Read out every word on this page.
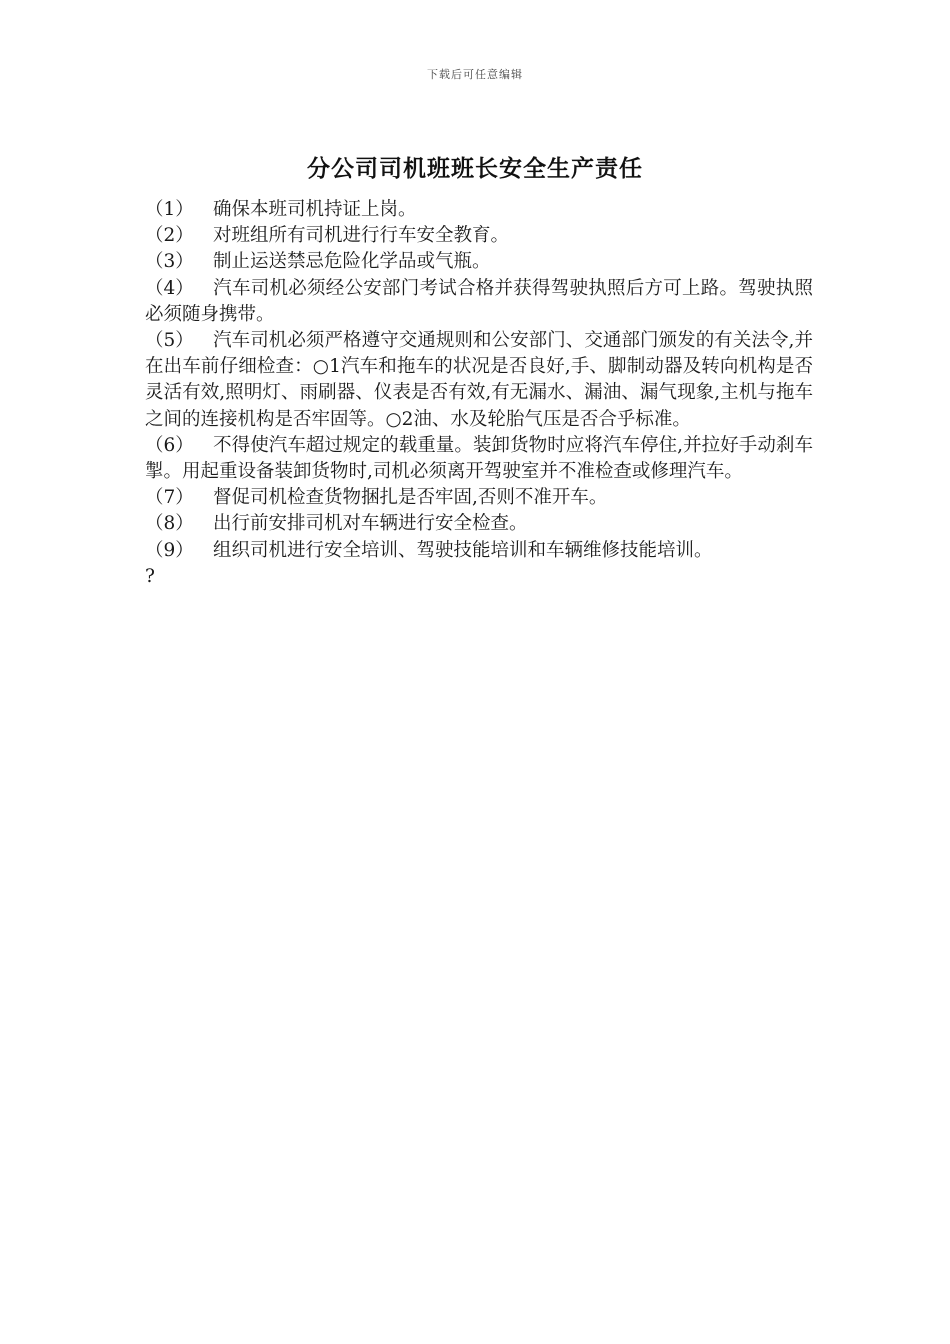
下载后可任意编辑
分公司司机班班长安全生产责任

（1） 确保本班司机持证上岗。

（2） 对班组所有司机进行行车安全教育。

（3） 制止运送禁忌危险化学品或气瓶。

（4） 汽车司机必须经公安部门考试合格并获得驾驶执照后方可上路。驾驶执照必须随身携带。

（5） 汽车司机必须严格遵守交通规则和公安部门、交通部门颁发的有关法令,并在出车前仔细检查：○1汽车和拖车的状况是否良好,手、脚制动器及转向机构是否灵活有效,照明灯、雨刷器、仪表是否有效,有无漏水、漏油、漏气现象,主机与拖车之间的连接机构是否牢固等。○2油、水及轮胎气压是否合乎标准。

（6） 不得使汽车超过规定的载重量。装卸货物时应将汽车停住,并拉好手动刹车掣。用起重设备装卸货物时,司机必须离开驾驶室并不准检查或修理汽车。

（7） 督促司机检查货物捆扎是否牢固,否则不准开车。

（8） 出行前安排司机对车辆进行安全检查。

（9） 组织司机进行安全培训、驾驶技能培训和车辆维修技能培训。

?
